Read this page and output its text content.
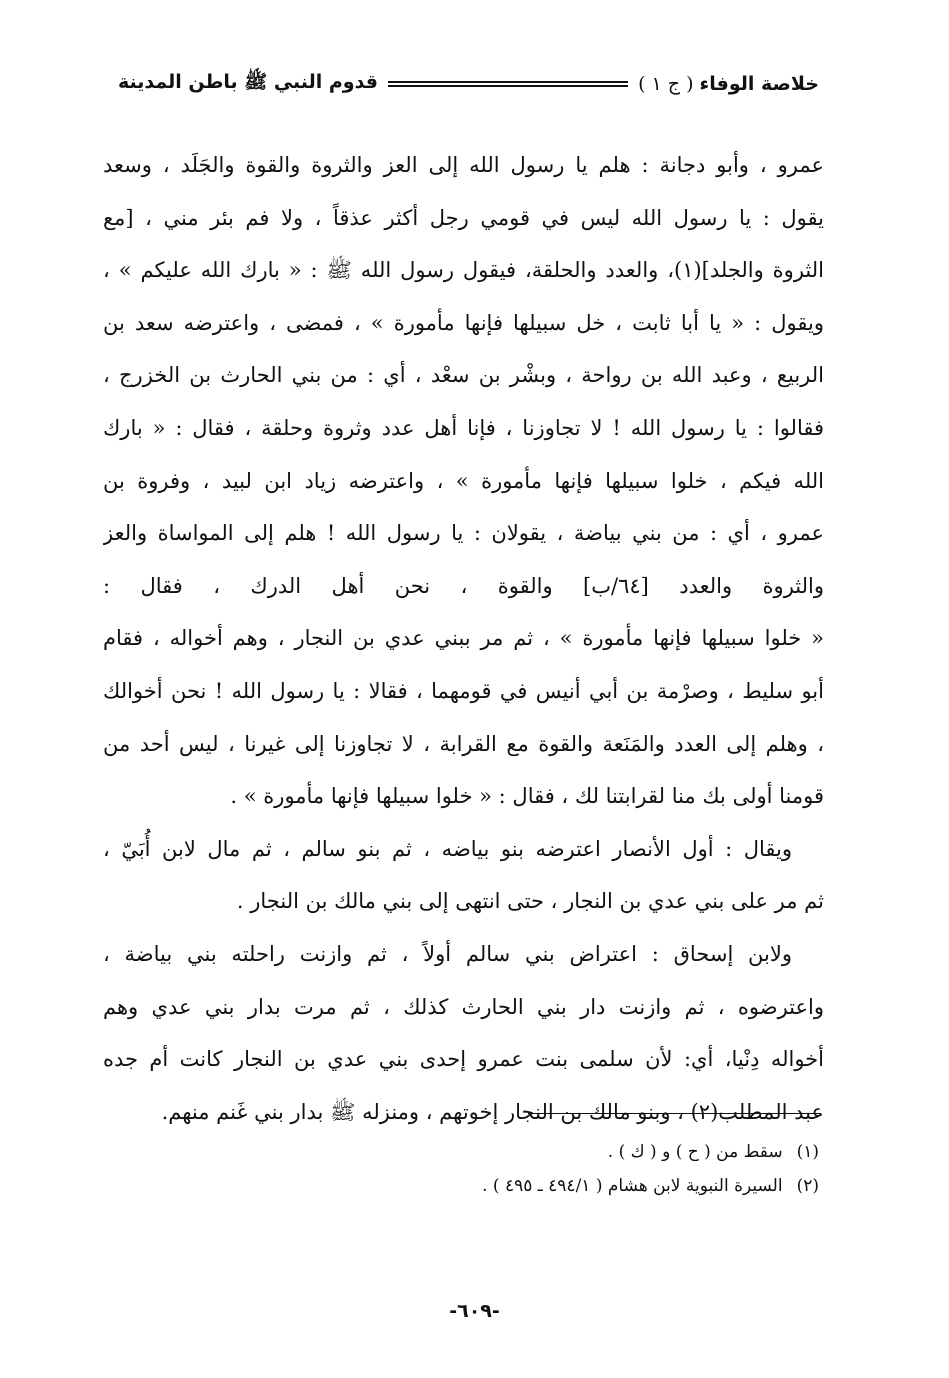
خلاصة الوفاء
( ج ١ )
قدوم النبي ﷺ باطن المدينة
عمرو ، وأبو دجانة : هلم يا رسول الله إلى العز والثروة والقوة والجَلَد ، وسعد
يقول : يا رسول الله ليس في قومي رجل أكثر عذقاً ، ولا فم بئر مني ، [مع
الثروة والجلد](١)، والعدد والحلقة، فيقول رسول الله ﷺ : « بارك الله عليكم » ،
ويقول : « يا أبا ثابت ، خل سبيلها فإنها مأمورة » ، فمضى ، واعترضه سعد بن
الربيع ، وعبد الله بن رواحة ، وبشْر بن سعْد ، أي : من بني الحارث بن الخزرج ،
فقالوا : يا رسول الله ! لا تجاوزنا ، فإنا أهل عدد وثروة وحلقة ، فقال : « بارك
الله فيكم ، خلوا سبيلها فإنها مأمورة » ، واعترضه زياد ابن لبيد ، وفروة بن
عمرو ، أي : من بني بياضة ، يقولان : يا رسول الله ! هلم إلى المواساة والعز
والثروة والعدد [٦٤/ب] والقوة ، نحن أهل الدرك ، فقال :
« خلوا سبيلها فإنها مأمورة » ، ثم مر ببني عدي بن النجار ، وهم أخواله ، فقام
أبو سليط ، وصرْمة بن أبي أنيس في قومهما ، فقالا : يا رسول الله ! نحن أخوالك
، وهلم إلى العدد والمَنَعة والقوة مع القرابة ، لا تجاوزنا إلى غيرنا ، ليس أحد من
قومنا أولى بك منا لقرابتنا لك ، فقال : « خلوا سبيلها فإنها مأمورة » .
ويقال : أول الأنصار اعترضه بنو بياضه ، ثم بنو سالم ، ثم مال لابن أُبَيّ ،
ثم مر على بني عدي بن النجار ، حتى انتهى إلى بني مالك بن النجار .
ولابن إسحاق : اعتراض بني سالم أولاً ، ثم وازنت راحلته بني بياضة ،
واعترضوه ، ثم وازنت دار بني الحارث كذلك ، ثم مرت بدار بني عدي وهم
أخواله دِنْيا، أي: لأن سلمى بنت عمرو إحدى بني عدي بن النجار كانت أم جده
عبد المطلب(٢) ، وبنو مالك بن النجار إخوتهم ، ومنزله ﷺ بدار بني غَنم منهم.
(١)سقط من ( ح ) و ( ك ) .
(٢)السيرة النبوية لابن هشام ( ٤٩٤/١ ـ ٤٩٥ ) .
-٦٠٩-
